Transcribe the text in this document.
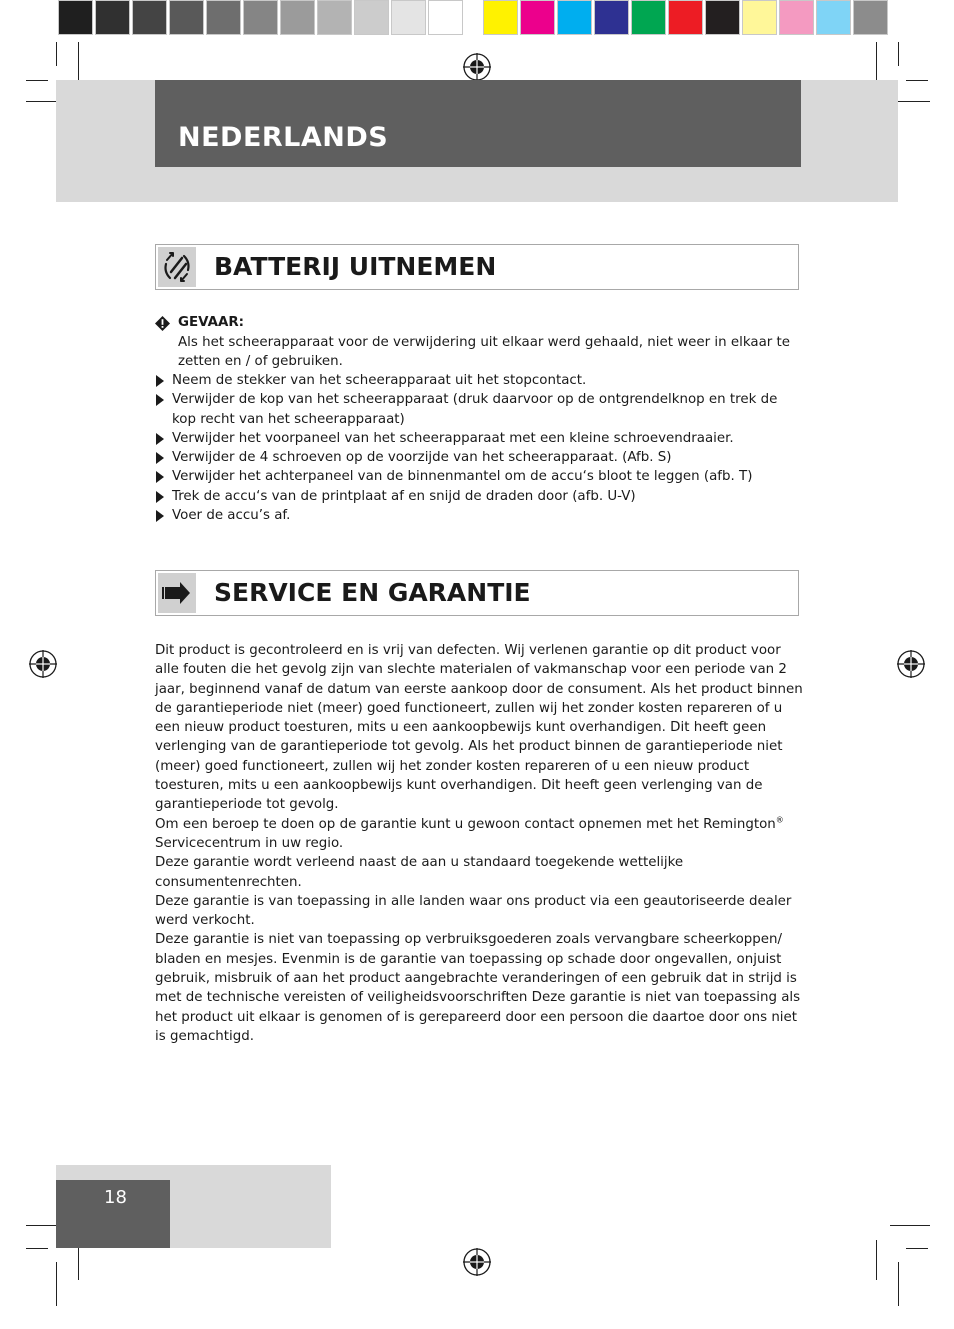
NEDERLANDS
BATTERIJ UITNEMEN
GEVAAR:
Als het scheerapparaat voor de verwijdering uit elkaar werd gehaald, niet weer in elkaar te zetten en / of gebruiken.
Neem de stekker van het scheerapparaat uit het stopcontact.
Verwijder de kop van het scheerapparaat (druk daarvoor op de ontgrendelknop en trek de kop recht van het scheerapparaat)
Verwijder het voorpaneel van het scheerapparaat met een kleine schroevendraaier.
Verwijder de 4 schroeven op de voorzijde van het scheerapparaat. (Afb. S)
Verwijder het achterpaneel van de binnenmantel om de accu‘s bloot te leggen (afb. T)
Trek de accu‘s van de printplaat af en snijd de draden door (afb. U-V)
Voer de accu’s af.
SERVICE EN GARANTIE

Dit product is gecontroleerd en is vrij van defecten. Wij verlenen garantie op dit product voor alle fouten die het gevolg zijn van slechte materialen of vakmanschap voor een periode van 2 jaar, beginnend vanaf de datum van eerste aankoop door de consument. Als het product binnen de garantieperiode niet (meer) goed functioneert, zullen wij het zonder kosten repareren of u een nieuw product toesturen, mits u een aankoopbewijs kunt overhandigen. Dit heeft geen verlenging van de garantieperiode tot gevolg. Als het product binnen de garantieperiode niet (meer) goed functioneert, zullen wij het zonder kosten repareren of u een nieuw product toesturen, mits u een aankoopbewijs kunt overhandigen. Dit heeft geen verlenging van de garantieperiode tot gevolg.

Om een beroep te doen op de garantie kunt u gewoon contact opnemen met het Remington® Servicecentrum in uw regio.

Deze garantie wordt verleend naast de aan u standaard toegekende wettelijke consumentenrechten.

Deze garantie is van toepassing in alle landen waar ons product via een geautoriseerde dealer werd verkocht.

Deze garantie is niet van toepassing op verbruiksgoederen zoals vervangbare scheerkoppen/ bladen en mesjes. Evenmin is de garantie van toepassing op schade door ongevallen, onjuist gebruik, misbruik of aan het product aangebrachte veranderingen of een gebruik dat in strijd is met de technische vereisten of veiligheidsvoorschriften Deze garantie is niet van toepassing als het product uit elkaar is genomen of is gerepareerd door een persoon die daartoe door ons niet is gemachtigd.

18
